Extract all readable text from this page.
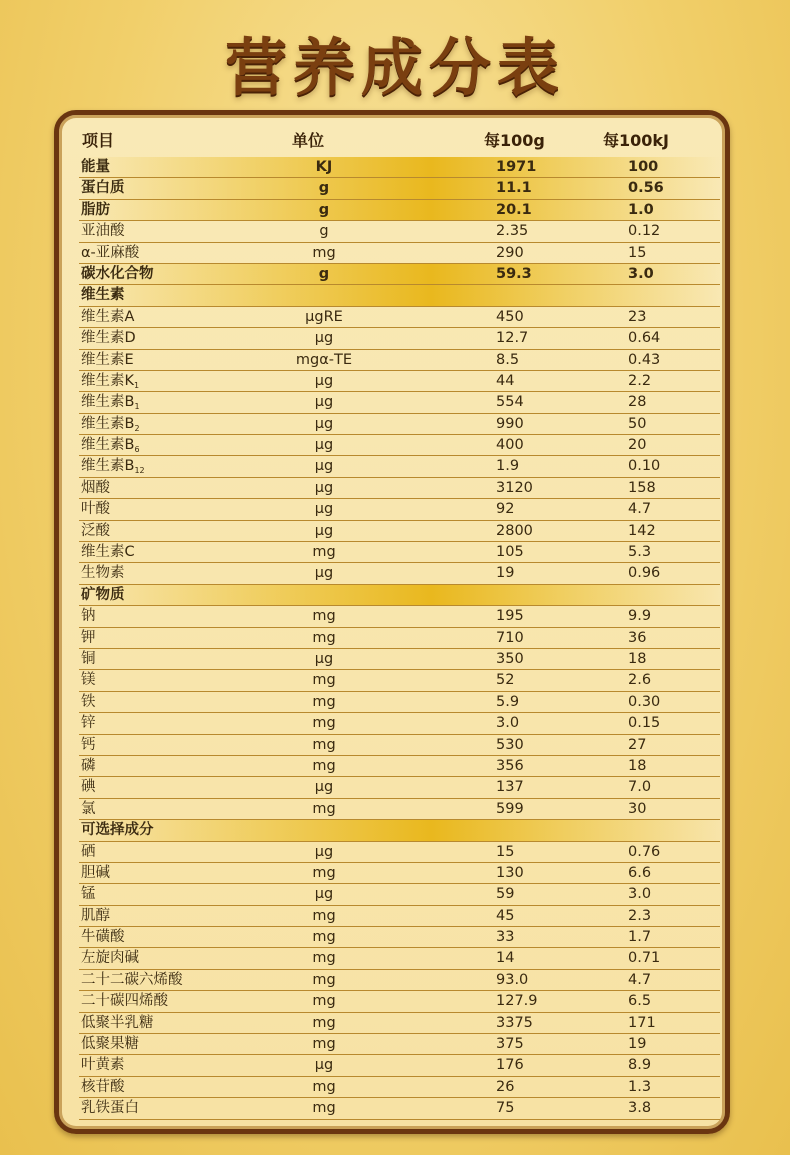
营养成分表
项目	单位	每100g	每100kJ
能量	KJ	1971	100
蛋白质	g	11.1	0.56
脂肪	g	20.1	1.0
亚油酸	g	2.35	0.12
α-亚麻酸	mg	290	15
碳水化合物	g	59.3	3.0
维生素
维生素A	μgRE	450	23
维生素D	μg	12.7	0.64
维生素E	mgα-TE	8.5	0.43
维生素$K_1$	μg	44	2.2
维生素$B_1$	μg	554	28
维生素$B_2$	μg	990	50
维生素$B_6$	μg	400	20
维生素$B_{12}$	μg	1.9	0.10
烟酸	μg	3120	158
叶酸	μg	92	4.7
泛酸	μg	2800	142
维生素C	mg	105	5.3
生物素	μg	19	0.96
矿物质
钠	mg	195	9.9
钾	mg	710	36
铜	μg	350	18
镁	mg	52	2.6
铁	mg	5.9	0.30
锌	mg	3.0	0.15
钙	mg	530	27
磷	mg	356	18
碘	μg	137	7.0
氯	mg	599	30
可选择成分
硒	μg	15	0.76
胆碱	mg	130	6.6
锰	μg	59	3.0
肌醇	mg	45	2.3
牛磺酸	mg	33	1.7
左旋肉碱	mg	14	0.71
二十二碳六烯酸	mg	93.0	4.7
二十碳四烯酸	mg	127.9	6.5
低聚半乳糖	mg	3375	171
低聚果糖	mg	375	19
叶黄素	μg	176	8.9
核苷酸	mg	26	1.3
乳铁蛋白	mg	75	3.8
